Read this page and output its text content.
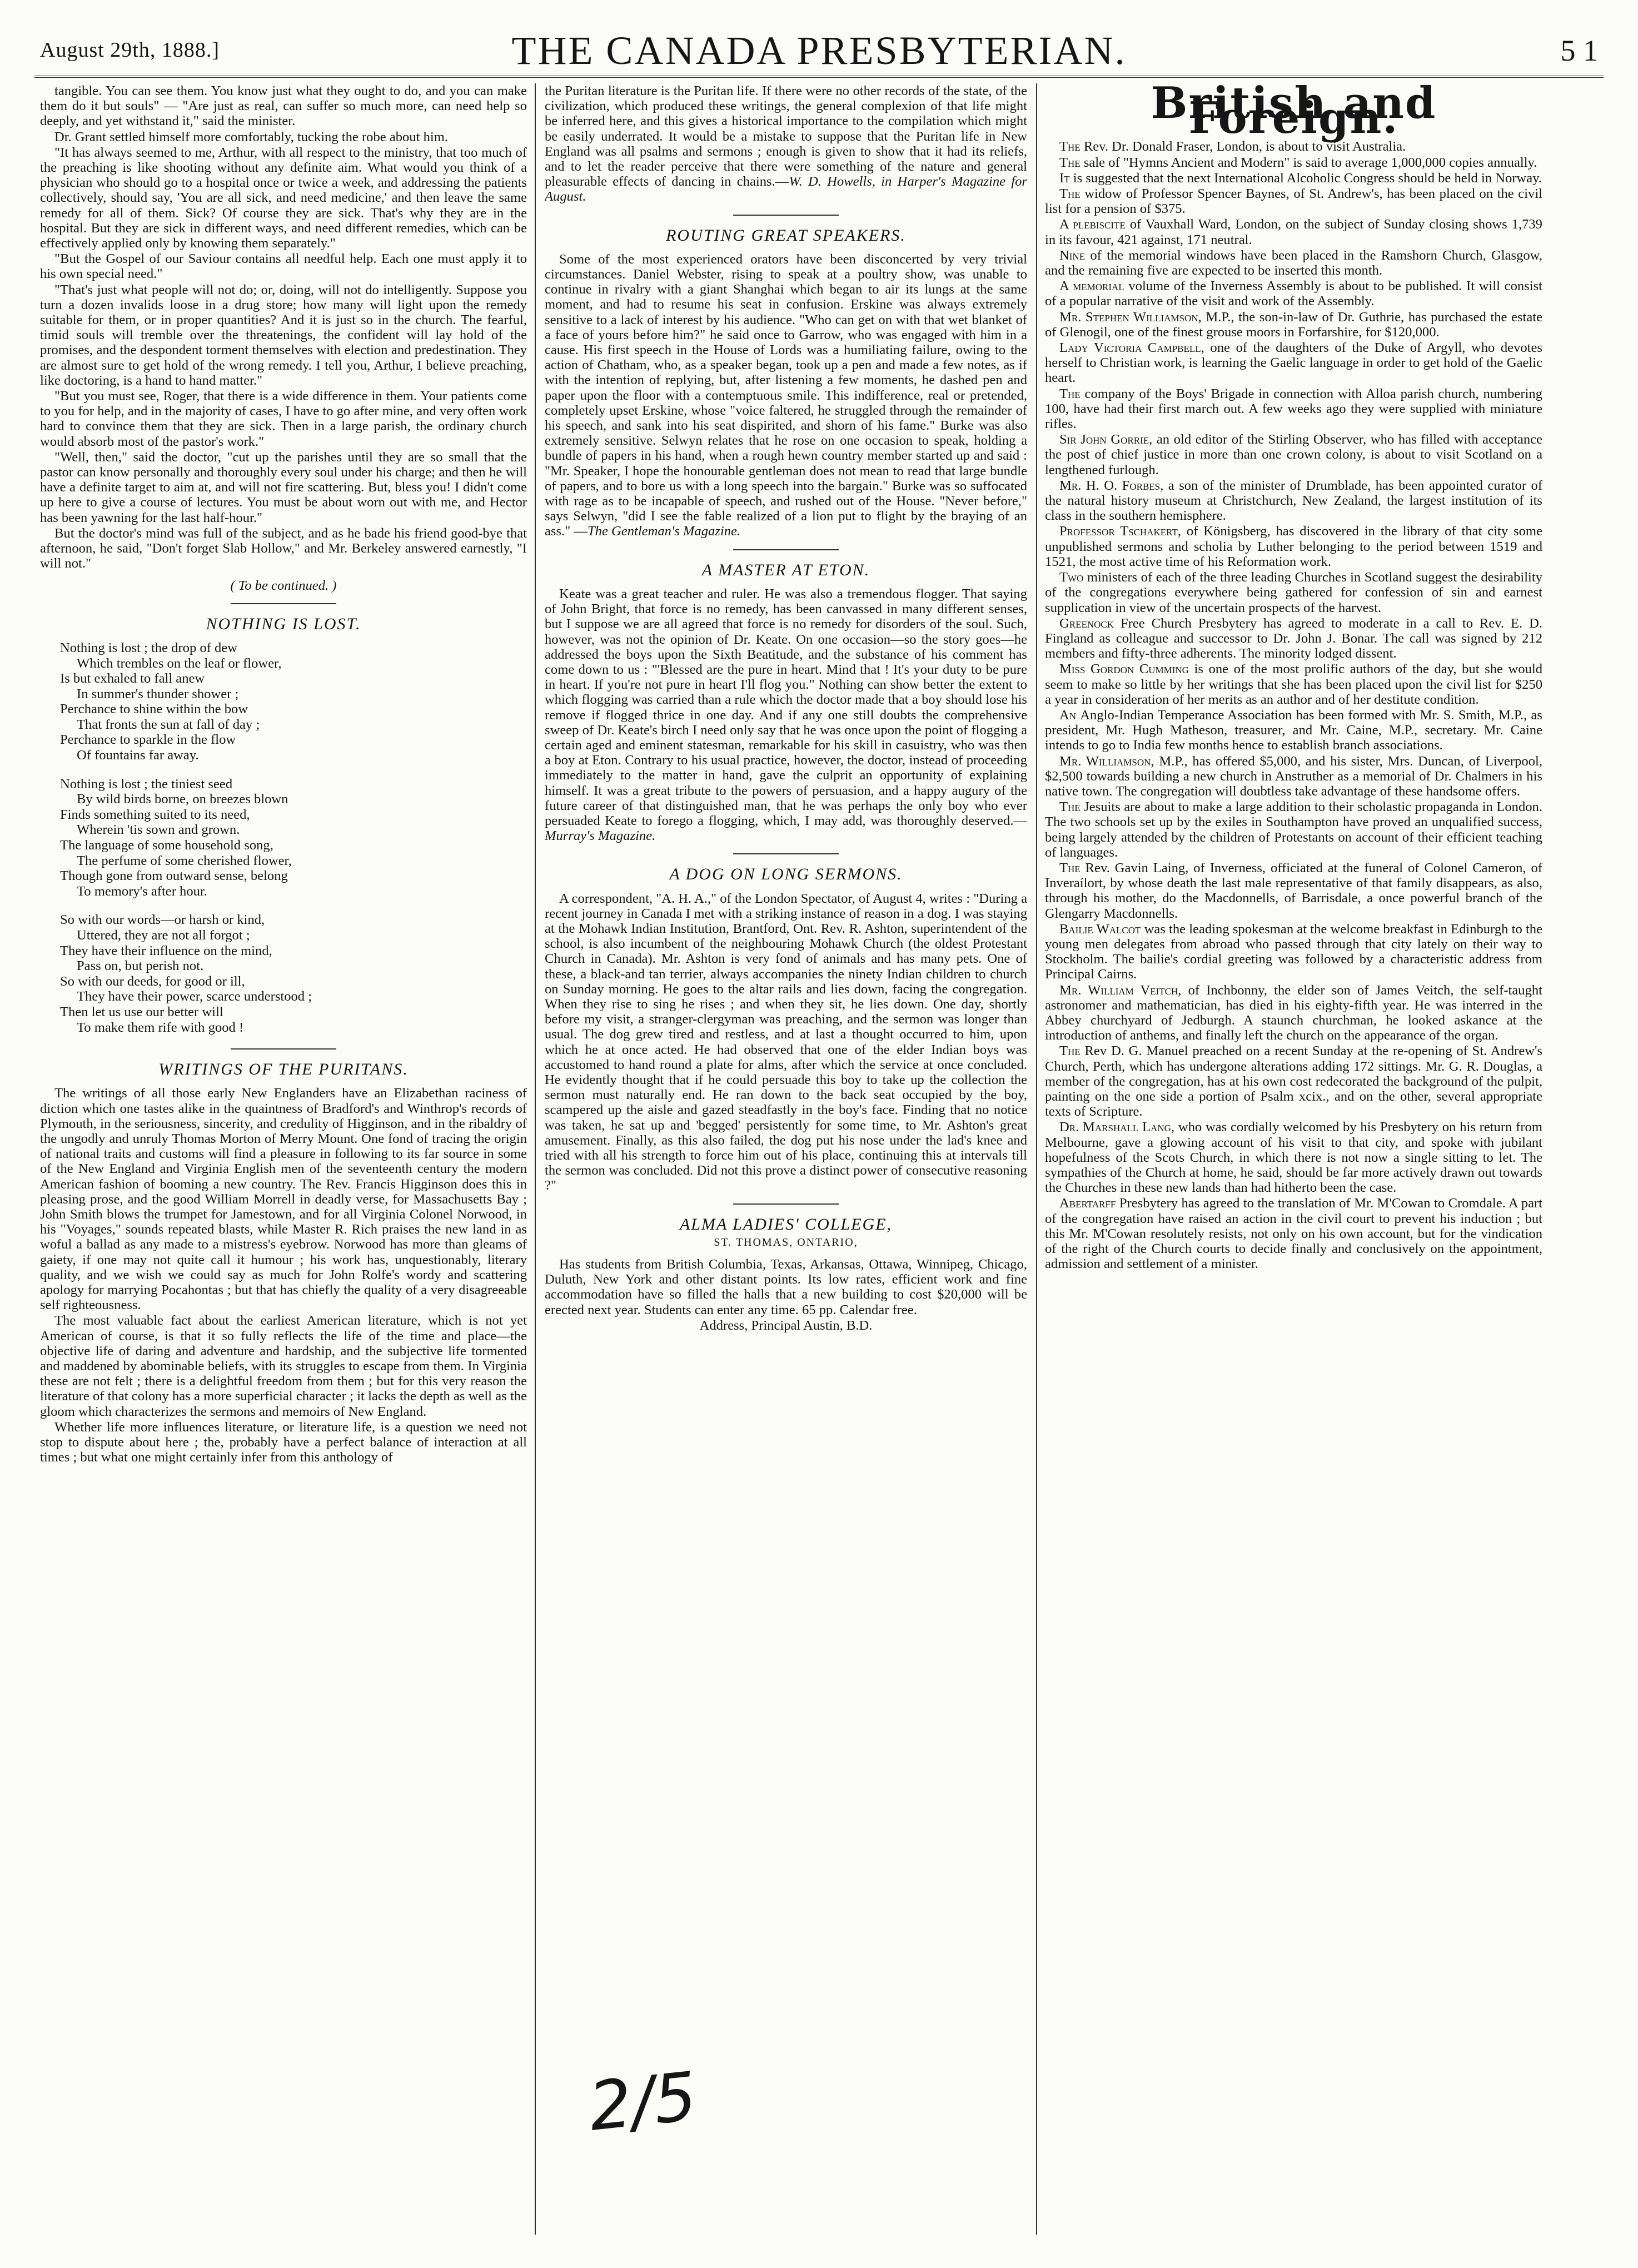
August 29th, 1888.]	THE CANADA PRESBYTERIAN.	5 1

tangible. You can see them. You know just what they ought to do, and you can make them do it but souls" — "Are just as real, can suffer so much more, can need help so deeply, and yet withstand it," said the minister.

Dr. Grant settled himself more comfortably, tucking the robe about him.

"It has always seemed to me, Arthur, with all respect to the ministry, that too much of the preaching is like shooting without any definite aim. What would you think of a physician who should go to a hospital once or twice a week, and addressing the patients collectively, should say, 'You are all sick, and need medicine,' and then leave the same remedy for all of them. Sick? Of course they are sick. That's why they are in the hospital. But they are sick in different ways, and need different remedies, which can be effectively applied only by knowing them separately."

"But the Gospel of our Saviour contains all needful help. Each one must apply it to his own special need."

"That's just what people will not do; or, doing, will not do intelligently. Suppose you turn a dozen invalids loose in a drug store; how many will light upon the remedy suitable for them, or in proper quantities? And it is just so in the church. The fearful, timid souls will tremble over the threatenings, the confident will lay hold of the promises, and the despondent torment themselves with election and predestination. They are almost sure to get hold of the wrong remedy. I tell you, Arthur, I believe preaching, like doctoring, is a hand to hand matter."

"But you must see, Roger, that there is a wide difference in them. Your patients come to you for help, and in the majority of cases, I have to go after mine, and very often work hard to convince them that they are sick. Then in a large parish, the ordinary church would absorb most of the pastor's work."

"Well, then," said the doctor, "cut up the parishes until they are so small that the pastor can know personally and thoroughly every soul under his charge; and then he will have a definite target to aim at, and will not fire scattering. But, bless you! I didn't come up here to give a course of lectures. You must be about worn out with me, and Hector has been yawning for the last half-hour."

But the doctor's mind was full of the subject, and as he bade his friend good-bye that afternoon, he said, "Don't forget Slab Hollow," and Mr. Berkeley answered earnestly, "I will not."

( To be continued. )

NOTHING IS LOST.
Nothing is lost ; the drop of dew
Which trembles on the leaf or flower,
Is but exhaled to fall anew
In summer's thunder shower ;
Perchance to shine within the bow
That fronts the sun at fall of day ;
Perchance to sparkle in the flow
Of fountains far away.
Nothing is lost ; the tiniest seed
By wild birds borne, on breezes blown
Finds something suited to its need,
Wherein 'tis sown and grown.
The language of some household song,
The perfume of some cherished flower,
Though gone from outward sense, belong
To memory's after hour.
So with our words—or harsh or kind,
Uttered, they are not all forgot ;
They have their influence on the mind,
Pass on, but perish not.
So with our deeds, for good or ill,
They have their power, scarce understood ;
Then let us use our better will
To make them rife with good !
WRITINGS OF THE PURITANS.

The writings of all those early New Englanders have an Elizabethan raciness of diction which one tastes alike in the quaintness of Bradford's and Winthrop's records of Plymouth, in the seriousness, sincerity, and credulity of Higginson, and in the ribaldry of the ungodly and unruly Thomas Morton of Merry Mount. One fond of tracing the origin of national traits and customs will find a pleasure in following to its far source in some of the New England and Virginia English men of the seventeenth century the modern American fashion of booming a new country. The Rev. Francis Higginson does this in pleasing prose, and the good William Morrell in deadly verse, for Massachusetts Bay ; John Smith blows the trumpet for Jamestown, and for all Virginia Colonel Norwood, in his "Voyages," sounds repeated blasts, while Master R. Rich praises the new land in as woful a ballad as any made to a mistress's eyebrow. Norwood has more than gleams of gaiety, if one may not quite call it humour ; his work has, unquestionably, literary quality, and we wish we could say as much for John Rolfe's wordy and scattering apology for marrying Pocahontas ; but that has chiefly the quality of a very disagreeable self righteousness.

The most valuable fact about the earliest American literature, which is not yet American of course, is that it so fully reflects the life of the time and place—the objective life of daring and adventure and hardship, and the subjective life tormented and maddened by abominable beliefs, with its struggles to escape from them. In Virginia these are not felt ; there is a delightful freedom from them ; but for this very reason the literature of that colony has a more superficial character ; it lacks the depth as well as the gloom which characterizes the sermons and memoirs of New England.

Whether life more influences literature, or literature life, is a question we need not stop to dispute about here ; the, probably have a perfect balance of interaction at all times ; but what one might certainly infer from this anthology of

the Puritan literature is the Puritan life. If there were no other records of the state, of the civilization, which produced these writings, the general complexion of that life might be inferred here, and this gives a historical importance to the compilation which might be easily underrated. It would be a mistake to suppose that the Puritan life in New England was all psalms and sermons ; enough is given to show that it had its reliefs, and to let the reader perceive that there were something of the nature and general pleasurable effects of dancing in chains.—W. D. Howells, in Harper's Magazine for August.

ROUTING GREAT SPEAKERS.

Some of the most experienced orators have been disconcerted by very trivial circumstances. Daniel Webster, rising to speak at a poultry show, was unable to continue in rivalry with a giant Shanghai which began to air its lungs at the same moment, and had to resume his seat in confusion. Erskine was always extremely sensitive to a lack of interest by his audience. "Who can get on with that wet blanket of a face of yours before him?" he said once to Garrow, who was engaged with him in a cause. His first speech in the House of Lords was a humiliating failure, owing to the action of Chatham, who, as a speaker began, took up a pen and made a few notes, as if with the intention of replying, but, after listening a few moments, he dashed pen and paper upon the floor with a contemptuous smile. This indifference, real or pretended, completely upset Erskine, whose "voice faltered, he struggled through the remainder of his speech, and sank into his seat dispirited, and shorn of his fame." Burke was also extremely sensitive. Selwyn relates that he rose on one occasion to speak, holding a bundle of papers in his hand, when a rough hewn country member started up and said : "Mr. Speaker, I hope the honourable gentleman does not mean to read that large bundle of papers, and to bore us with a long speech into the bargain." Burke was so suffocated with rage as to be incapable of speech, and rushed out of the House. "Never before," says Selwyn, "did I see the fable realized of a lion put to flight by the braying of an ass." —The Gentleman's Magazine.

A MASTER AT ETON.

Keate was a great teacher and ruler. He was also a tremendous flogger. That saying of John Bright, that force is no remedy, has been canvassed in many different senses, but I suppose we are all agreed that force is no remedy for disorders of the soul. Such, however, was not the opinion of Dr. Keate. On one occasion—so the story goes—he addressed the boys upon the Sixth Beatitude, and the substance of his comment has come down to us : "'Blessed are the pure in heart. Mind that ! It's your duty to be pure in heart. If you're not pure in heart I'll flog you." Nothing can show better the extent to which flogging was carried than a rule which the doctor made that a boy should lose his remove if flogged thrice in one day. And if any one still doubts the comprehensive sweep of Dr. Keate's birch I need only say that he was once upon the point of flogging a certain aged and eminent statesman, remarkable for his skill in casuistry, who was then a boy at Eton. Contrary to his usual practice, however, the doctor, instead of proceeding immediately to the matter in hand, gave the culprit an opportunity of explaining himself. It was a great tribute to the powers of persuasion, and a happy augury of the future career of that distinguished man, that he was perhaps the only boy who ever persuaded Keate to forego a flogging, which, I may add, was thoroughly deserved.—Murray's Magazine.

A DOG ON LONG SERMONS.

A correspondent, "A. H. A.," of the London Spectator, of August 4, writes : "During a recent journey in Canada I met with a striking instance of reason in a dog. I was staying at the Mohawk Indian Institution, Brantford, Ont. Rev. R. Ashton, superintendent of the school, is also incumbent of the neighbouring Mohawk Church (the oldest Protestant Church in Canada). Mr. Ashton is very fond of animals and has many pets. One of these, a black-and tan terrier, always accompanies the ninety Indian children to church on Sunday morning. He goes to the altar rails and lies down, facing the congregation. When they rise to sing he rises ; and when they sit, he lies down. One day, shortly before my visit, a stranger-clergyman was preaching, and the sermon was longer than usual. The dog grew tired and restless, and at last a thought occurred to him, upon which he at once acted. He had observed that one of the elder Indian boys was accustomed to hand round a plate for alms, after which the service at once concluded. He evidently thought that if he could persuade this boy to take up the collection the sermon must naturally end. He ran down to the back seat occupied by the boy, scampered up the aisle and gazed steadfastly in the boy's face. Finding that no notice was taken, he sat up and 'begged' persistently for some time, to Mr. Ashton's great amusement. Finally, as this also failed, the dog put his nose under the lad's knee and tried with all his strength to force him out of his place, continuing this at intervals till the sermon was concluded. Did not this prove a distinct power of consecutive reasoning ?"

ALMA LADIES' COLLEGE,
ST. THOMAS, ONTARIO,

Has students from British Columbia, Texas, Arkansas, Ottawa, Winnipeg, Chicago, Duluth, New York and other distant points. Its low rates, efficient work and fine accommodation have so filled the halls that a new building to cost $20,000 will be erected next year. Students can enter any time. 65 pp. Calendar free.

Address, Principal Austin, B.D.

2/5
British and Foreign.

The Rev. Dr. Donald Fraser, London, is about to visit Australia.

The sale of "Hymns Ancient and Modern" is said to average 1,000,000 copies annually.

It is suggested that the next International Alcoholic Congress should be held in Norway.

The widow of Professor Spencer Baynes, of St. Andrew's, has been placed on the civil list for a pension of $375.

A plebiscite of Vauxhall Ward, London, on the subject of Sunday closing shows 1,739 in its favour, 421 against, 171 neutral.

Nine of the memorial windows have been placed in the Ramshorn Church, Glasgow, and the remaining five are expected to be inserted this month.

A memorial volume of the Inverness Assembly is about to be published. It will consist of a popular narrative of the visit and work of the Assembly.

Mr. Stephen Williamson, M.P., the son-in-law of Dr. Guthrie, has purchased the estate of Glenogil, one of the finest grouse moors in Forfarshire, for $120,000.

Lady Victoria Campbell, one of the daughters of the Duke of Argyll, who devotes herself to Christian work, is learning the Gaelic language in order to get hold of the Gaelic heart.

The company of the Boys' Brigade in connection with Alloa parish church, numbering 100, have had their first march out. A few weeks ago they were supplied with miniature rifles.

Sir John Gorrie, an old editor of the Stirling Observer, who has filled with acceptance the post of chief justice in more than one crown colony, is about to visit Scotland on a lengthened furlough.

Mr. H. O. Forbes, a son of the minister of Drumblade, has been appointed curator of the natural history museum at Christchurch, New Zealand, the largest institution of its class in the southern hemisphere.

Professor Tschakert, of Königsberg, has discovered in the library of that city some unpublished sermons and scholia by Luther belonging to the period between 1519 and 1521, the most active time of his Reformation work.

Two ministers of each of the three leading Churches in Scotland suggest the desirability of the congregations everywhere being gathered for confession of sin and earnest supplication in view of the uncertain prospects of the harvest.

Greenock Free Church Presbytery has agreed to moderate in a call to Rev. E. D. Fingland as colleague and successor to Dr. John J. Bonar. The call was signed by 212 members and fifty-three adherents. The minority lodged dissent.

Miss Gordon Cumming is one of the most prolific authors of the day, but she would seem to make so little by her writings that she has been placed upon the civil list for $250 a year in consideration of her merits as an author and of her destitute condition.

An Anglo-Indian Temperance Association has been formed with Mr. S. Smith, M.P., as president, Mr. Hugh Matheson, treasurer, and Mr. Caine, M.P., secretary. Mr. Caine intends to go to India few months hence to establish branch associations.

Mr. Williamson, M.P., has offered $5,000, and his sister, Mrs. Duncan, of Liverpool, $2,500 towards building a new church in Anstruther as a memorial of Dr. Chalmers in his native town. The congregation will doubtless take advantage of these handsome offers.

The Jesuits are about to make a large addition to their scholastic propaganda in London. The two schools set up by the exiles in Southampton have proved an unqualified success, being largely attended by the children of Protestants on account of their efficient teaching of languages.

The Rev. Gavin Laing, of Inverness, officiated at the funeral of Colonel Cameron, of Inveraílort, by whose death the last male representative of that family disappears, as also, through his mother, do the Macdonnells, of Barrisdale, a once powerful branch of the Glengarry Macdonnells.

Bailie Walcot was the leading spokesman at the welcome breakfast in Edinburgh to the young men delegates from abroad who passed through that city lately on their way to Stockholm. The bailie's cordial greeting was followed by a characteristic address from Principal Cairns.

Mr. William Veitch, of Inchbonny, the elder son of James Veitch, the self-taught astronomer and mathematician, has died in his eighty-fifth year. He was interred in the Abbey churchyard of Jedburgh. A staunch churchman, he looked askance at the introduction of anthems, and finally left the church on the appearance of the organ.

The Rev D. G. Manuel preached on a recent Sunday at the re-opening of St. Andrew's Church, Perth, which has undergone alterations adding 172 sittings. Mr. G. R. Douglas, a member of the congregation, has at his own cost redecorated the background of the pulpit, painting on the one side a portion of Psalm xcix., and on the other, several appropriate texts of Scripture.

Dr. Marshall Lang, who was cordially welcomed by his Presbytery on his return from Melbourne, gave a glowing account of his visit to that city, and spoke with jubilant hopefulness of the Scots Church, in which there is not now a single sitting to let. The sympathies of the Church at home, he said, should be far more actively drawn out towards the Churches in these new lands than had hitherto been the case.

Abertarff Presbytery has agreed to the translation of Mr. M'Cowan to Cromdale. A part of the congregation have raised an action in the civil court to prevent his induction ; but this Mr. M'Cowan resolutely resists, not only on his own account, but for the vindication of the right of the Church courts to decide finally and conclusively on the appointment, admission and settlement of a minister.
